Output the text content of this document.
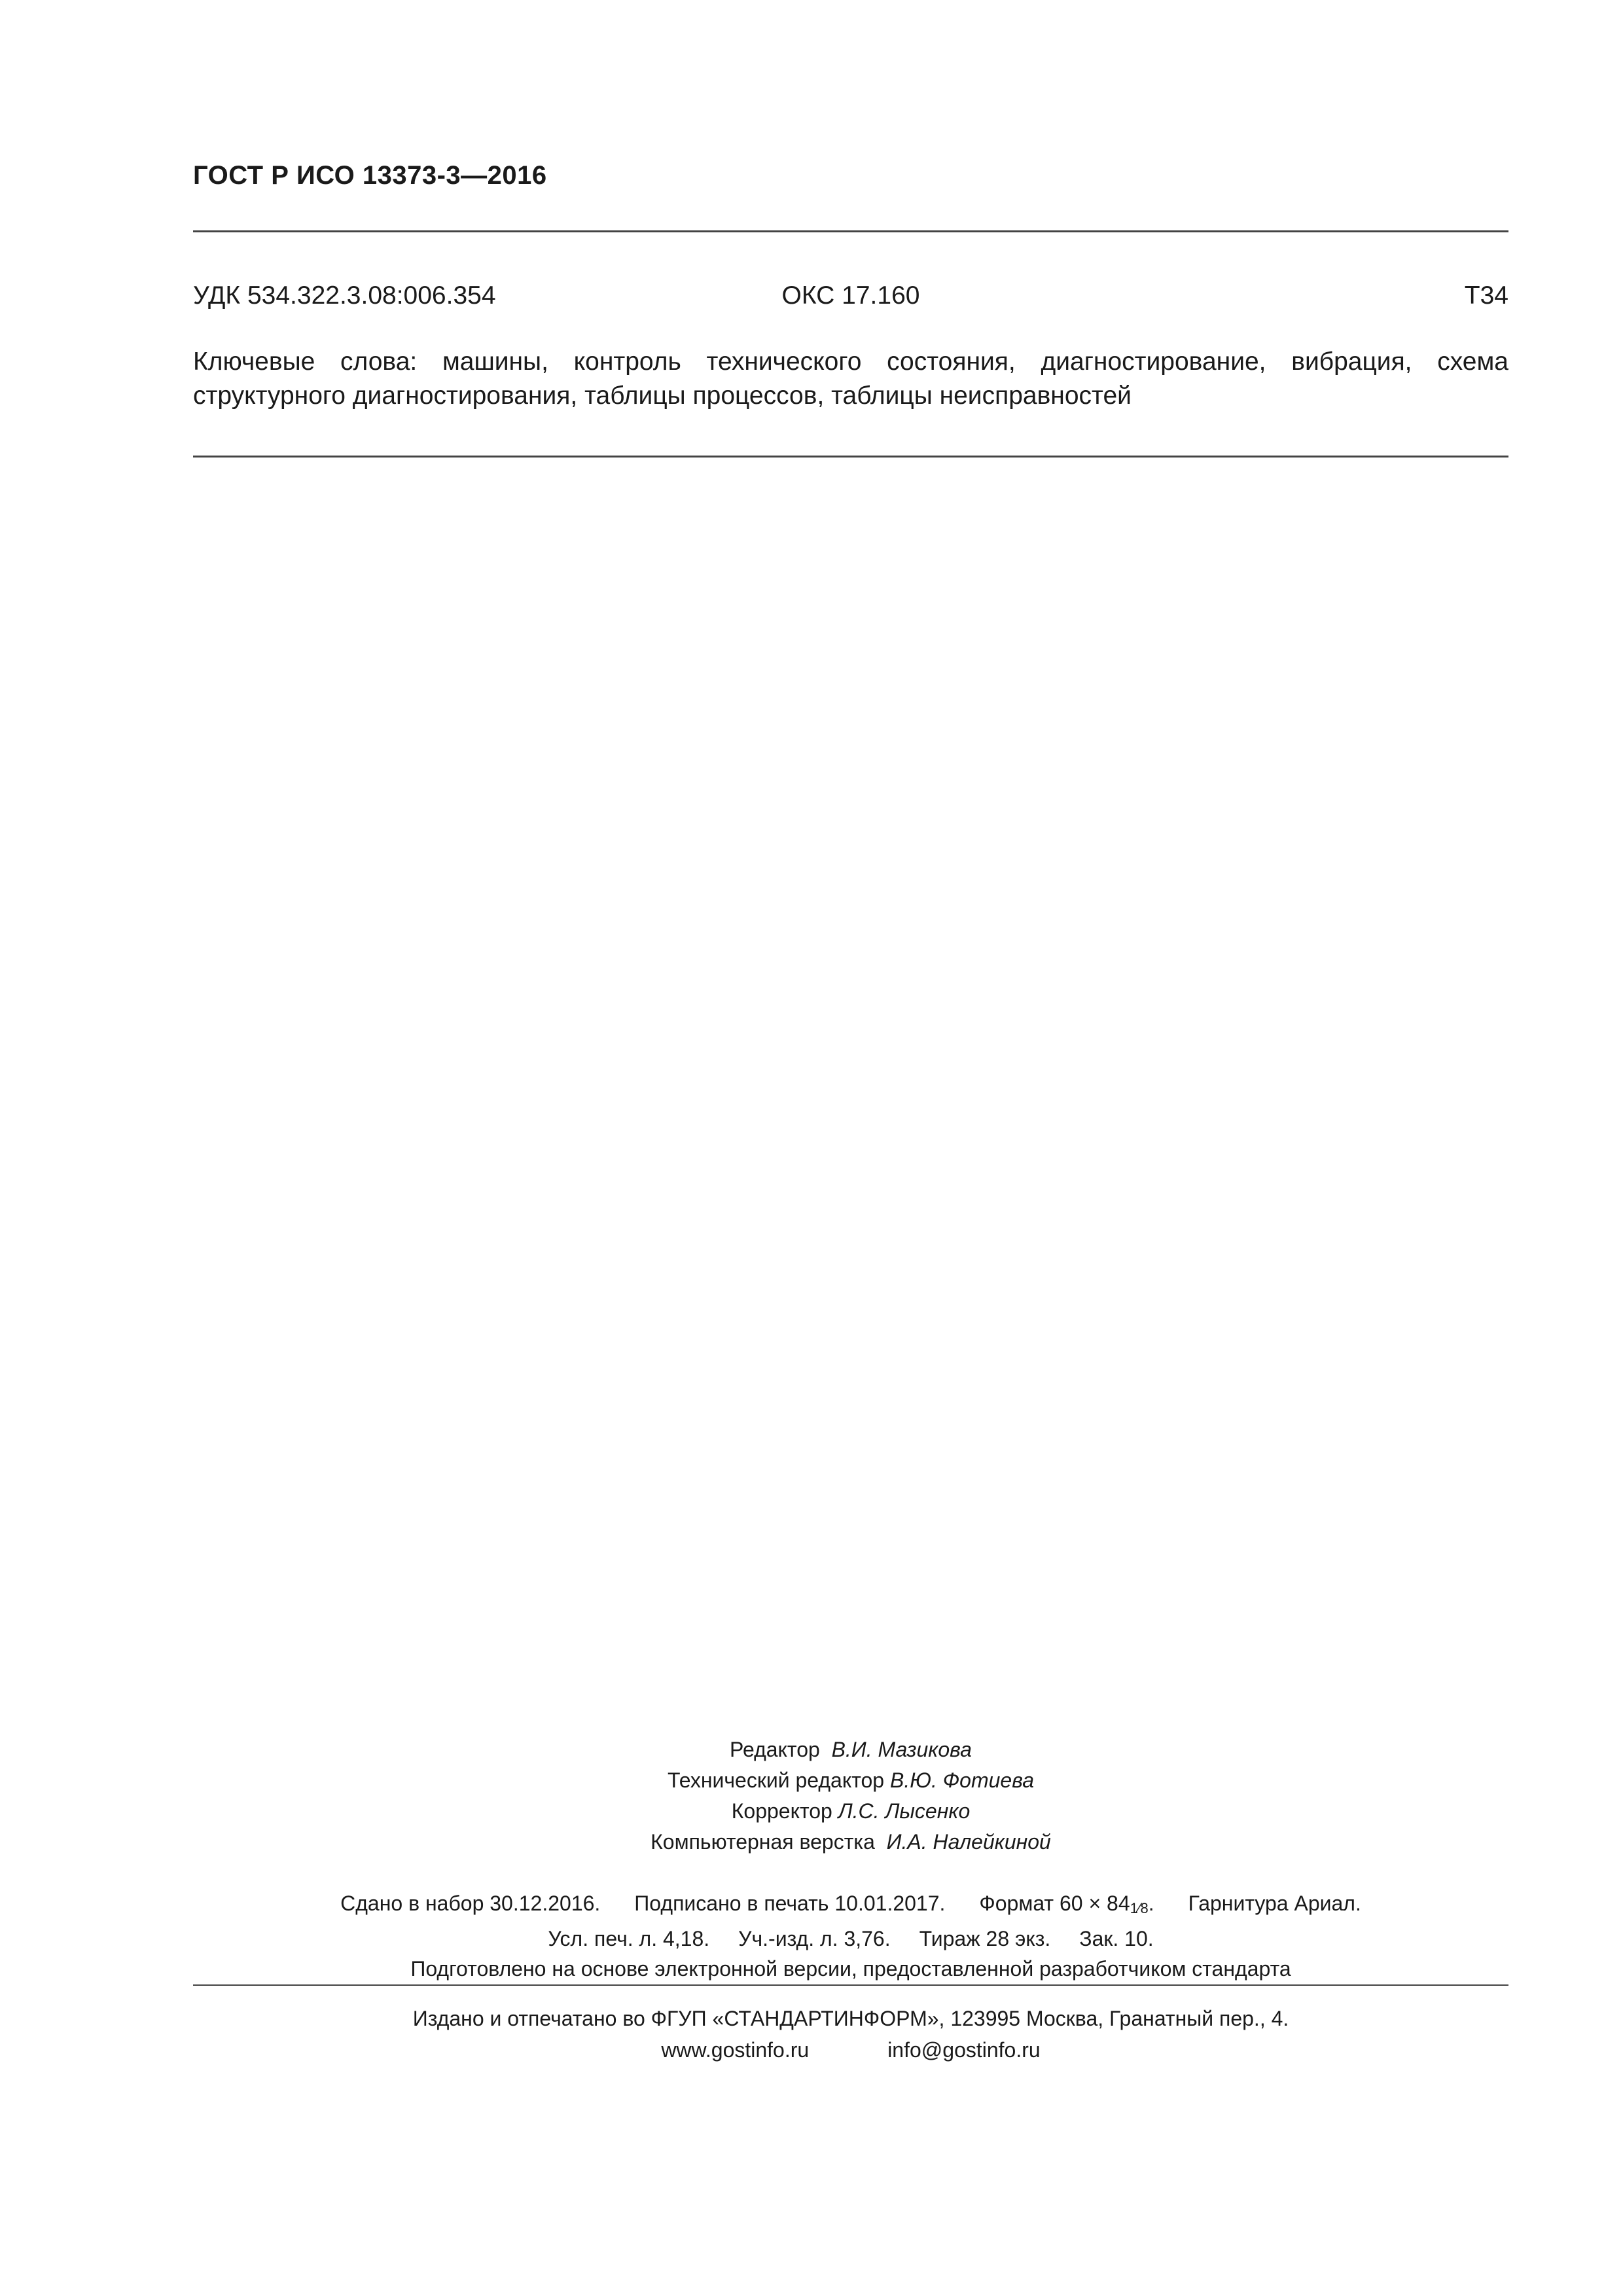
ГОСТ Р ИСО 13373-3—2016
УДК 534.322.3.08:006.354	ОКС 17.160	Т34
Ключевые слова: машины, контроль технического состояния, диагностирование, вибрация, схема структурного диагностирования, таблицы процессов, таблицы неисправностей
Редактор В.И. Мазикова
Технический редактор В.Ю. Фотиева
Корректор Л.С. Лысенко
Компьютерная верстка И.А. Налейкиной
Сдано в набор 30.12.2016. Подписано в печать 10.01.2017. Формат 60 × 841⁄8. Гарнитура Ариал.
Усл. печ. л. 4,18. Уч.-изд. л. 3,76. Тираж 28 экз. Зак. 10.
Подготовлено на основе электронной версии, предоставленной разработчиком стандарта
Издано и отпечатано во ФГУП «СТАНДАРТИНФОРМ», 123995 Москва, Гранатный пер., 4.
www.gostinfo.ru	info@gostinfo.ru
